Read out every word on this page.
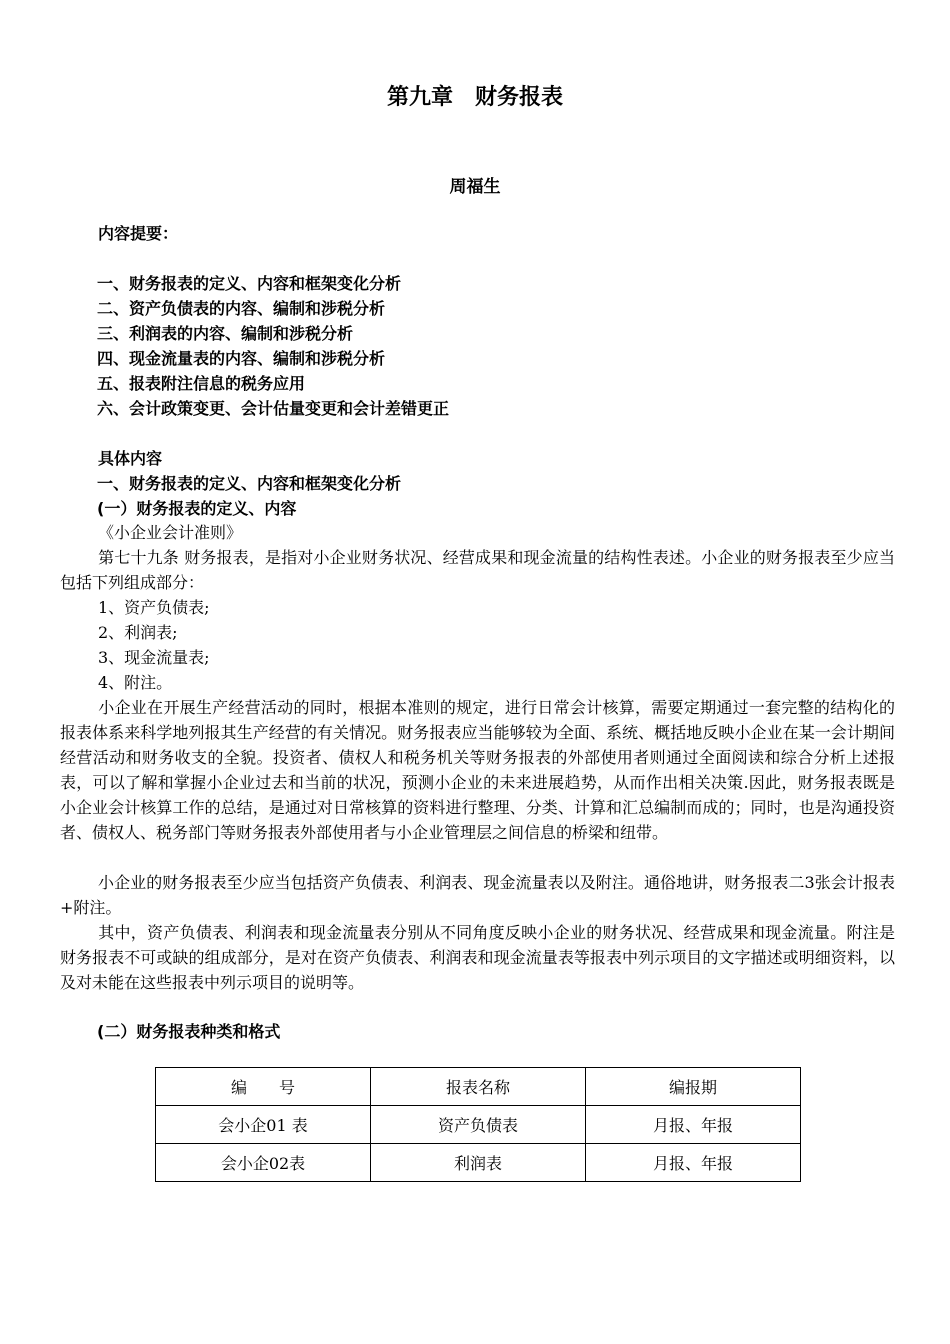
第九章　财务报表
周福生
内容提要：
一、财务报表的定义、内容和框架变化分析
二、资产负债表的内容、编制和涉税分析
三、利润表的内容、编制和涉税分析
四、现金流量表的内容、编制和涉税分析
五、报表附注信息的税务应用
六、会计政策变更、会计估量变更和会计差错更正
具体内容
一、财务报表的定义、内容和框架变化分析
(一）财务报表的定义、内容
《小企业会计准则》
第七十九条 财务报表，是指对小企业财务状况、经营成果和现金流量的结构性表述。小企业的财务报表至少应当包括下列组成部分：
1、资产负债表;
2、利润表;
3、现金流量表;
4、附注。
小企业在开展生产经营活动的同时，根据本准则的规定，进行日常会计核算，需要定期通过一套完整的结构化的报表体系来科学地列报其生产经营的有关情况。财务报表应当能够较为全面、系统、概括地反映小企业在某一会计期间经营活动和财务收支的全貌。投资者、债权人和税务机关等财务报表的外部使用者则通过全面阅读和综合分析上述报表，可以了解和掌握小企业过去和当前的状况，预测小企业的未来进展趋势，从而作出相关决策.因此，财务报表既是小企业会计核算工作的总结，是通过对日常核算的资料进行整理、分类、计算和汇总编制而成的；同时，也是沟通投资者、债权人、税务部门等财务报表外部使用者与小企业管理层之间信息的桥梁和纽带。
小企业的财务报表至少应当包括资产负债表、利润表、现金流量表以及附注。通俗地讲，财务报表二3张会计报表+附注。
其中，资产负债表、利润表和现金流量表分别从不同角度反映小企业的财务状况、经营成果和现金流量。附注是财务报表不可或缺的组成部分，是对在资产负债表、利润表和现金流量表等报表中列示项目的文字描述或明细资料，以及对未能在这些报表中列示项目的说明等。
(二）财务报表种类和格式
编　　号	报表名称	编报期
会小企01 表	资产负债表	月报、年报
会小企02表	利润表	月报、年报
